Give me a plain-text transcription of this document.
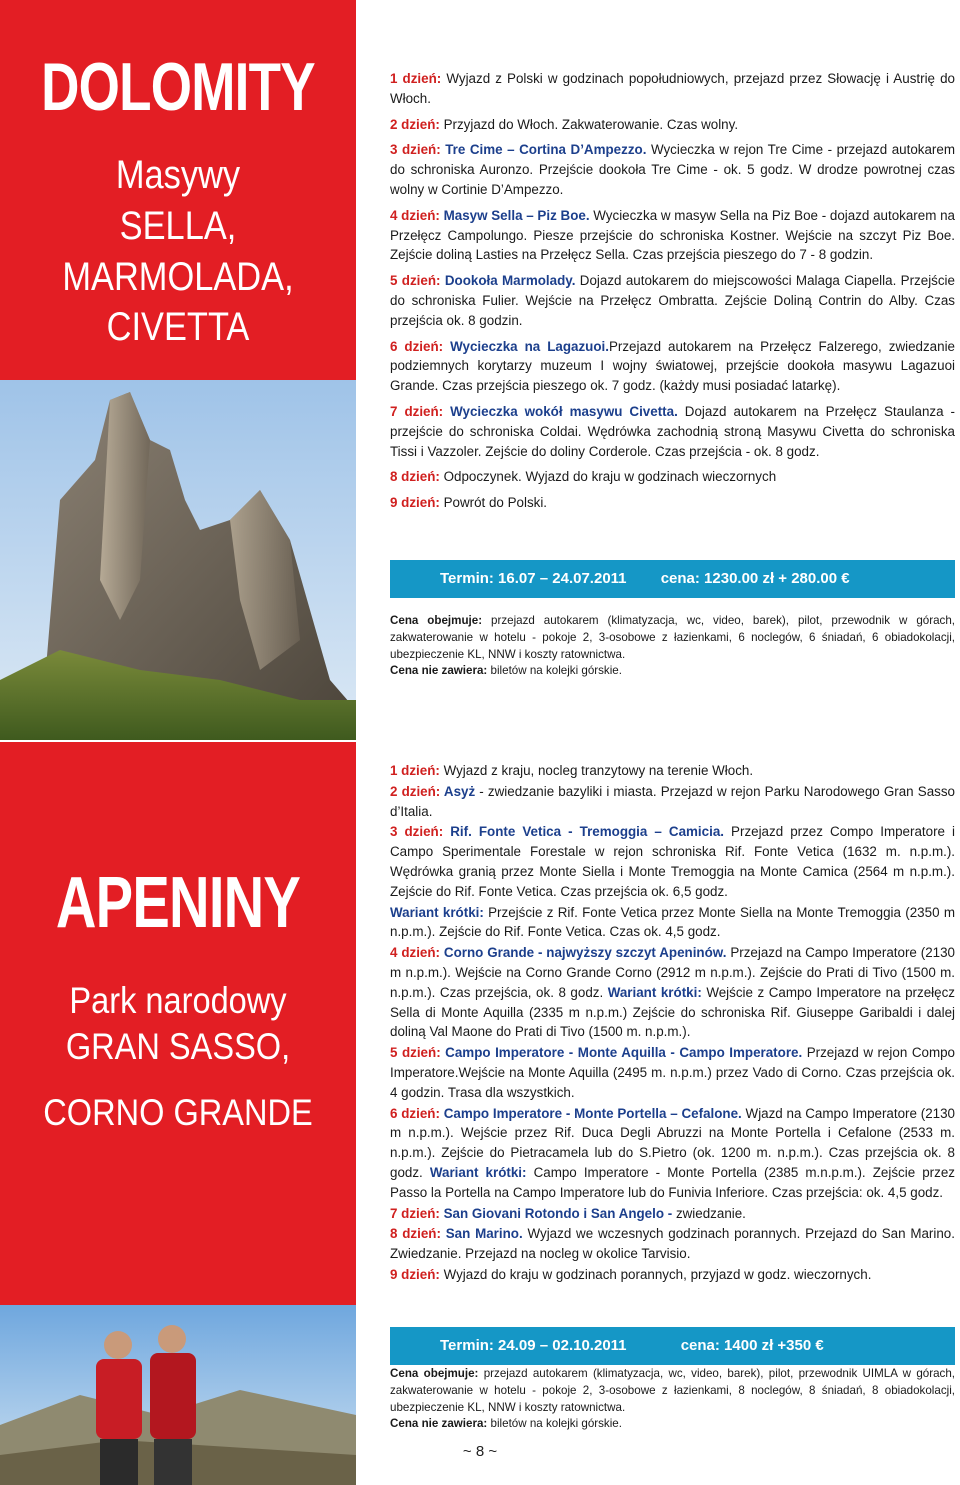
DOLOMITY
Masywy
SELLA,
MARMOLADA,
CIVETTA

1 dzień: Wyjazd z Polski w godzinach popołudniowych, przejazd przez Słowację i Austrię do Włoch.

2 dzień: Przyjazd do Włoch. Zakwaterowanie. Czas wolny.

3 dzień: Tre Cime – Cortina D’Ampezzo. Wycieczka w rejon Tre Cime - przejazd autokarem do schroniska Auronzo. Przejście dookoła Tre Cime - ok. 5 godz. W drodze powrotnej czas wolny w Cortinie D’Ampezzo.

4 dzień: Masyw Sella – Piz Boe. Wycieczka w masyw Sella na Piz Boe - dojazd autokarem na Przełęcz Campolungo. Piesze przejście do schroniska Kostner. Wejście na szczyt Piz Boe. Zejście doliną Lasties na Przełęcz Sella. Czas przejścia pieszego do 7 - 8 godzin.

5 dzień: Dookoła Marmolady. Dojazd autokarem do miejscowości Malaga Ciapella. Przejście do schroniska Fulier. Wejście na Przełęcz Ombratta. Zejście Doliną Contrin do Alby. Czas przejścia ok. 8 godzin.

6 dzień: Wycieczka na Lagazuoi.Przejazd autokarem na Przełęcz Falzerego, zwiedzanie podziemnych korytarzy muzeum I wojny światowej, przejście dookoła masywu Lagazuoi Grande. Czas przejścia pieszego ok. 7 godz. (każdy musi posiadać latarkę).

7 dzień: Wycieczka wokół masywu Civetta. Dojazd autokarem na Przełęcz Staulanza - przejście do schroniska Coldai. Wędrówka zachodnią stroną Masywu Civetta do schroniska Tissi i Vazzoler. Zejście do doliny Corderole. Czas przejścia - ok. 8 godz.

8 dzień: Odpoczynek. Wyjazd do kraju w godzinach wieczornych

9 dzień: Powrót do Polski.

Termin: 16.07 – 24.07.2011 cena: 1230.00 zł + 280.00 €
Cena obejmuje: przejazd autokarem (klimatyzacja, wc, video, barek), pilot, przewodnik w górach, zakwaterowanie w hotelu - pokoje 2, 3-osobowe z łazienkami, 6 noclegów, 6 śniadań, 6 obiadokolacji, ubezpieczenie KL, NNW i koszty ratownictwa.
Cena nie zawiera: biletów na kolejki górskie.
APENINY
Park narodowy
GRAN SASSO,
CORNO GRANDE

1 dzień: Wyjazd z kraju, nocleg tranzytowy na terenie Włoch.

2 dzień: Asyż - zwiedzanie bazyliki i miasta. Przejazd w rejon Parku Narodowego Gran Sasso d’Italia.

3 dzień: Rif. Fonte Vetica - Tremoggia – Camicia. Przejazd przez Compo Imperatore i Campo Sperimentale Forestale w rejon schroniska Rif. Fonte Vetica (1632 m. n.p.m.). Wędrówka granią przez Monte Siella i Monte Tremoggia na Monte Camica (2564 m n.p.m.). Zejście do Rif. Fonte Vetica. Czas przejścia ok. 6,5 godz.

Wariant krótki: Przejście z Rif. Fonte Vetica przez Monte Siella na Monte Tremoggia (2350 m n.p.m.). Zejście do Rif. Fonte Vetica. Czas ok. 4,5 godz.

4 dzień: Corno Grande - najwyższy szczyt Apeninów. Przejazd na Campo Imperatore (2130 m n.p.m.). Wejście na Corno Grande Corno (2912 m n.p.m.). Zejście do Prati di Tivo (1500 m. n.p.m.). Czas przejścia, ok. 8 godz. Wariant krótki: Wejście z Campo Imperatore na przełęcz Sella di Monte Aquilla (2335 m n.p.m.) Zejście do schroniska Rif. Giuseppe Garibaldi i dalej doliną Val Maone do Prati di Tivo (1500 m. n.p.m.).

5 dzień: Campo Imperatore - Monte Aquilla - Campo Imperatore. Przejazd w rejon Compo Imperatore.Wejście na Monte Aquilla (2495 m. n.p.m.) przez Vado di Corno. Czas przejścia ok. 4 godzin. Trasa dla wszystkich.

6 dzień: Campo Imperatore - Monte Portella – Cefalone. Wjazd na Campo Imperatore (2130 m n.p.m.). Wejście przez Rif. Duca Degli Abruzzi na Monte Portella i Cefalone (2533 m. n.p.m.). Zejście do Pietracamela lub do S.Pietro (ok. 1200 m. n.p.m.). Czas przejścia ok. 8 godz. Wariant krótki: Campo Imperatore - Monte Portella (2385 m.n.p.m.). Zejście przez Passo la Portella na Campo Imperatore lub do Funivia Inferiore. Czas przejścia: ok. 4,5 godz.

7 dzień: San Giovani Rotondo i San Angelo - zwiedzanie.

8 dzień: San Marino. Wyjazd we wczesnych godzinach porannych. Przejazd do San Marino. Zwiedzanie. Przejazd na nocleg w okolice Tarvisio.

9 dzień: Wyjazd do kraju w godzinach porannych, przyjazd w godz. wieczornych.

Termin: 24.09 – 02.10.2011	cena: 1400 zł +350 €
Cena obejmuje: przejazd autokarem (klimatyzacja, wc, video, barek), pilot, przewodnik UIMLA w górach, zakwaterowanie w hotelu - pokoje 2, 3-osobowe z łazienkami, 8 noclegów, 8 śniadań, 8 obiadokolacji, ubezpieczenie KL, NNW i koszty ratownictwa.
Cena nie zawiera: biletów na kolejki górskie.
~ 8 ~
